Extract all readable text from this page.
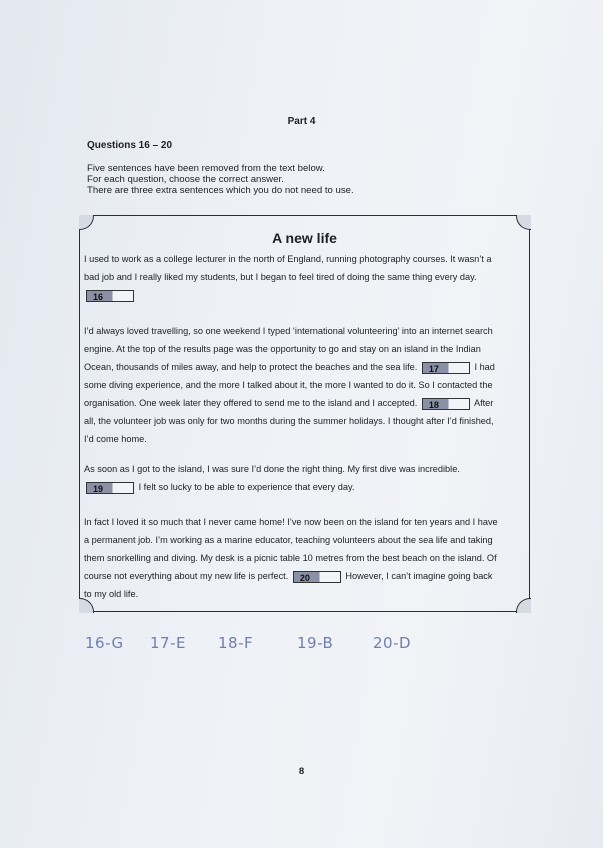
Part 4
Questions 16 – 20
Five sentences have been removed from the text below.
For each question, choose the correct answer.
There are three extra sentences which you do not need to use.
A new life
I used to work as a college lecturer in the north of England, running photography courses. It wasn’t a
bad job and I really liked my students, but I began to feel tired of doing the same thing every day.
16
I’d always loved travelling, so one weekend I typed ‘international volunteering’ into an internet search
engine. At the top of the results page was the opportunity to go and stay on an island in the Indian
Ocean, thousands of miles away, and help to protect the beaches and the sea life. 17	I had
some diving experience, and the more I talked about it, the more I wanted to do it. So I contacted the
organisation. One week later they offered to send me to the island and I accepted. 18	After
all, the volunteer job was only for two months during the summer holidays. I thought after I’d finished,
I’d come home.
As soon as I got to the island, I was sure I’d done the right thing. My first dive was incredible.
19	I felt so lucky to be able to experience that every day.
In fact I loved it so much that I never came home! I’ve now been on the island for ten years and I have
a permanent job. I’m working as a marine educator, teaching volunteers about the sea life and taking
them snorkelling and diving. My desk is a picnic table 10 metres from the best beach on the island. Of
course not everything about my new life is perfect. 20	However, I can’t imagine going back
to my old life.
16-G 17-E 18-F	19-B	20-D
8
